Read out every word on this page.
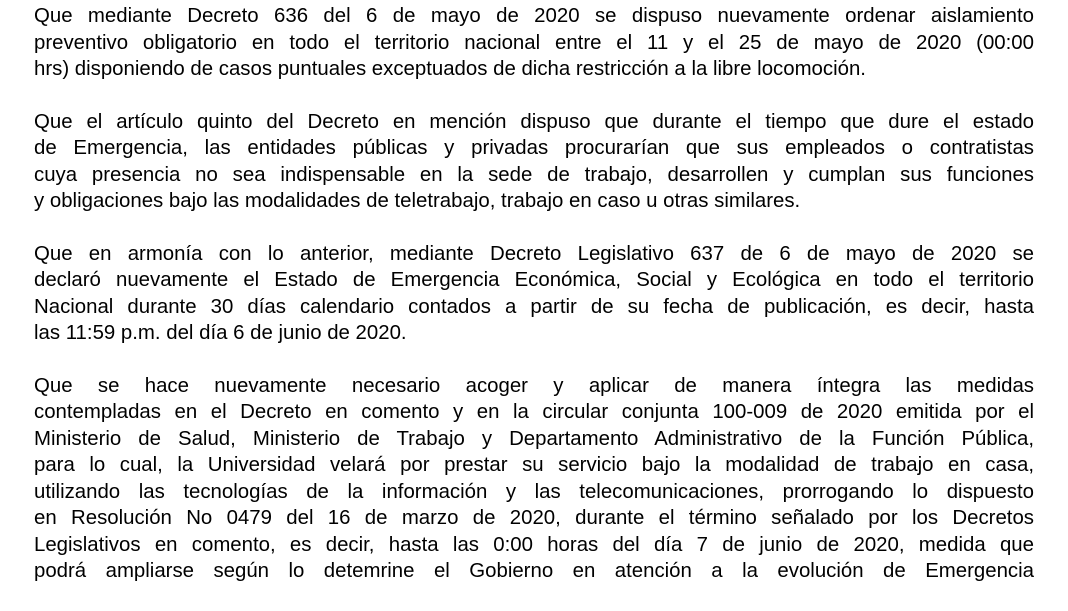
Que mediante Decreto 636 del 6 de mayo de 2020 se dispuso nuevamente ordenar aislamiento
preventivo obligatorio en todo el territorio nacional entre el 11 y el 25 de mayo de 2020 (00:00
hrs) disponiendo de casos puntuales exceptuados de dicha restricción a la libre locomoción.
Que el artículo quinto del Decreto en mención dispuso que durante el tiempo que dure el estado
de Emergencia, las entidades públicas y privadas procurarían que sus empleados o contratistas
cuya presencia no sea indispensable en la sede de trabajo, desarrollen y cumplan sus funciones
y obligaciones bajo las modalidades de teletrabajo, trabajo en caso u otras similares.
Que en armonía con lo anterior, mediante Decreto Legislativo 637 de 6 de mayo de 2020 se
declaró nuevamente el Estado de Emergencia Económica, Social y Ecológica en todo el territorio
Nacional durante 30 días calendario contados a partir de su fecha de publicación, es decir, hasta
las 11:59 p.m. del día 6 de junio de 2020.
Que se hace nuevamente necesario acoger y aplicar de manera íntegra las medidas
contempladas en el Decreto en comento y en la circular conjunta 100-009 de 2020 emitida por el
Ministerio de Salud, Ministerio de Trabajo y Departamento Administrativo de la Función Pública,
para lo cual, la Universidad velará por prestar su servicio bajo la modalidad de trabajo en casa,
utilizando las tecnologías de la información y las telecomunicaciones, prorrogando lo dispuesto
en Resolución No 0479 del 16 de marzo de 2020, durante el término señalado por los Decretos
Legislativos en comento, es decir, hasta las 0:00 horas del día 7 de junio de 2020, medida que
podrá ampliarse según lo detemrine el Gobierno en atención a la evolución de Emergencia
